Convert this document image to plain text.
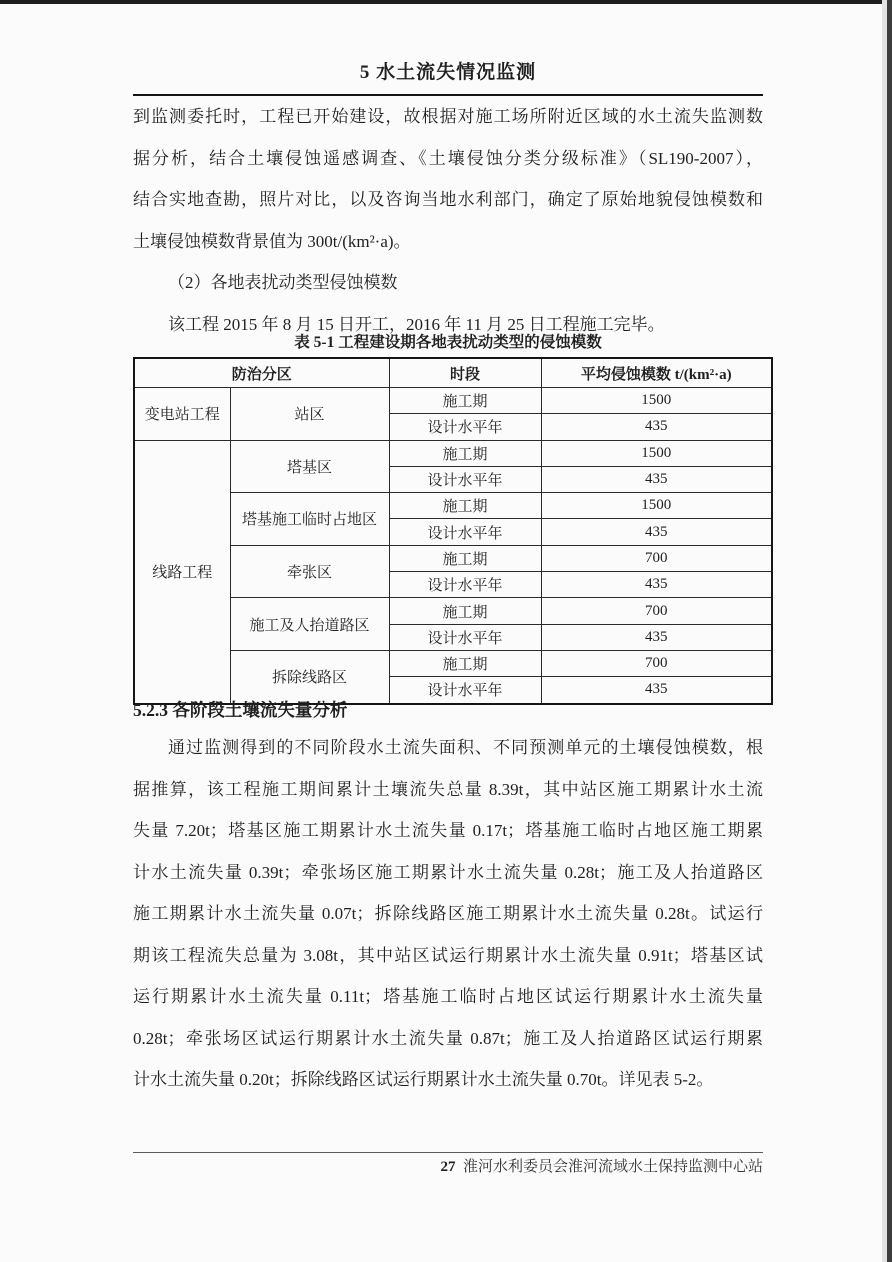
5 水土流失情况监测
到监测委托时，工程已开始建设，故根据对施工场所附近区域的水土流失监测数
据分析，结合土壤侵蚀遥感调查、《土壤侵蚀分类分级标准》（SL190-2007），
结合实地查勘，照片对比，以及咨询当地水利部门，确定了原始地貌侵蚀模数和
土壤侵蚀模数背景值为 300t/(km²·a)。
（2）各地表扰动类型侵蚀模数
该工程 2015 年 8 月 15 日开工，2016 年 11 月 25 日工程施工完毕。
表 5-1 工程建设期各地表扰动类型的侵蚀模数
防治分区		时段	平均侵蚀模数 t/(km²·a)
变电站工程	站区	施工期	1500
		设计水平年	435
线路工程	塔基区	施工期	1500
		设计水平年	435
	塔基施工临时占地区	施工期	1500
		设计水平年	435
	牵张区	施工期	700
		设计水平年	435
	施工及人抬道路区	施工期	700
		设计水平年	435
	拆除线路区	施工期	700
		设计水平年	435
5.2.3 各阶段土壤流失量分析
通过监测得到的不同阶段水土流失面积、不同预测单元的土壤侵蚀模数，根
据推算，该工程施工期间累计土壤流失总量 8.39t，其中站区施工期累计水土流
失量 7.20t；塔基区施工期累计水土流失量 0.17t；塔基施工临时占地区施工期累
计水土流失量 0.39t；牵张场区施工期累计水土流失量 0.28t；施工及人抬道路区
施工期累计水土流失量 0.07t；拆除线路区施工期累计水土流失量 0.28t。试运行
期该工程流失总量为 3.08t，其中站区试运行期累计水土流失量 0.91t；塔基区试
运行期累计水土流失量 0.11t；塔基施工临时占地区试运行期累计水土流失量
0.28t；牵张场区试运行期累计水土流失量 0.87t；施工及人抬道路区试运行期累
计水土流失量 0.20t；拆除线路区试运行期累计水土流失量 0.70t。详见表 5-2。
27 淮河水利委员会淮河流域水土保持监测中心站
